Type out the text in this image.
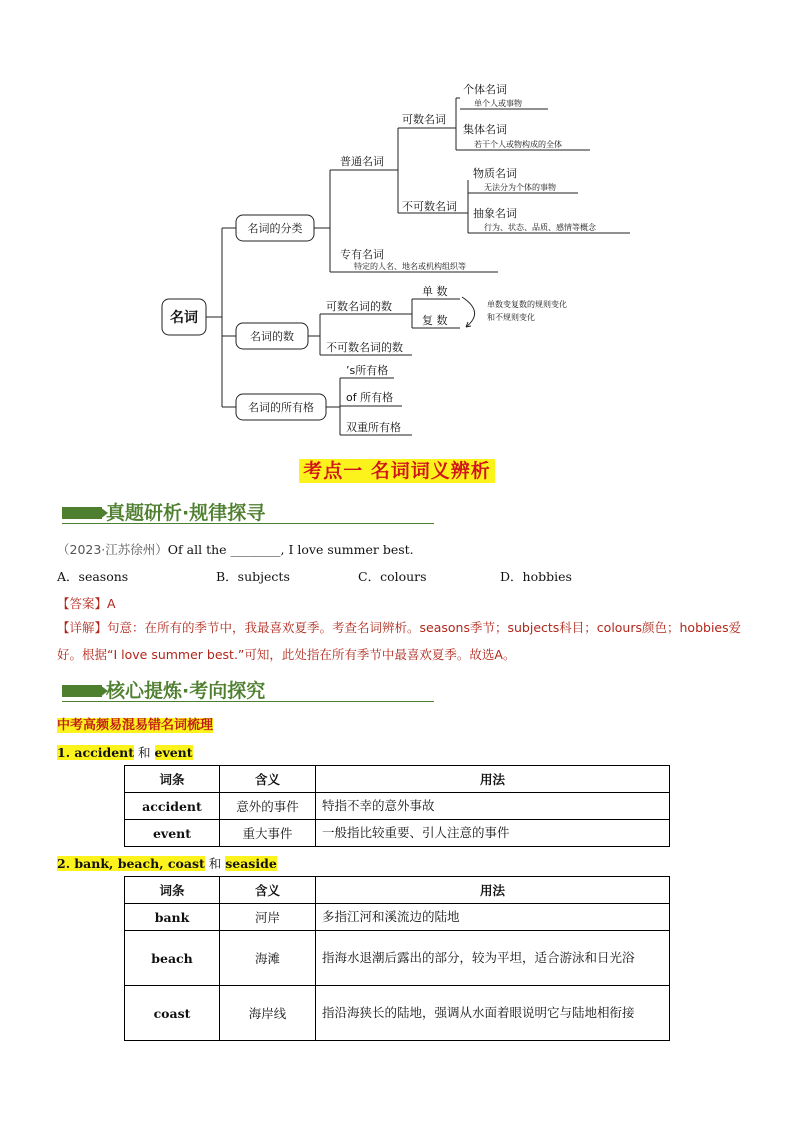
名词
名词的分类
名词的数
名词的所有格
普通名词
可数名词
个体名词
单个人或事物
集体名词
若干个人或物构成的全体
不可数名词
物质名词
无法分为个体的事物
抽象名词
行为、状态、品质、感情等概念
专有名词
特定的人名、地名或机构组织等
可数名词的数
单 数
复 数
单数变复数的规则变化
和不规则变化
不可数名词的数
’s所有格
of 所有格
双重所有格
考点一 名词词义辨析
真题研析·规律探寻
（2023·江苏徐州）Of all the ________, I love summer best.
A．seasons	B．subjects	C．colours	D．hobbies
【答案】A
【详解】句意：在所有的季节中，我最喜欢夏季。考查名词辨析。seasons季节；subjects科目；colours颜色；hobbies爱好。根据“I love summer best.”可知，此处指在所有季节中最喜欢夏季。故选A。
核心提炼·考向探究
中考高频易混易错名词梳理
1. accident 和 event
词条	含义	用法
accident	意外的事件	特指不幸的意外事故
event	重大事件	一般指比较重要、引人注意的事件
2. bank, beach, coast 和 seaside
词条	含义	用法
bank	河岸	多指江河和溪流边的陆地
beach	海滩	指海水退潮后露出的部分，较为平坦，适合游泳和日光浴
coast	海岸线	指沿海狭长的陆地，强调从水面着眼说明它与陆地相衔接
